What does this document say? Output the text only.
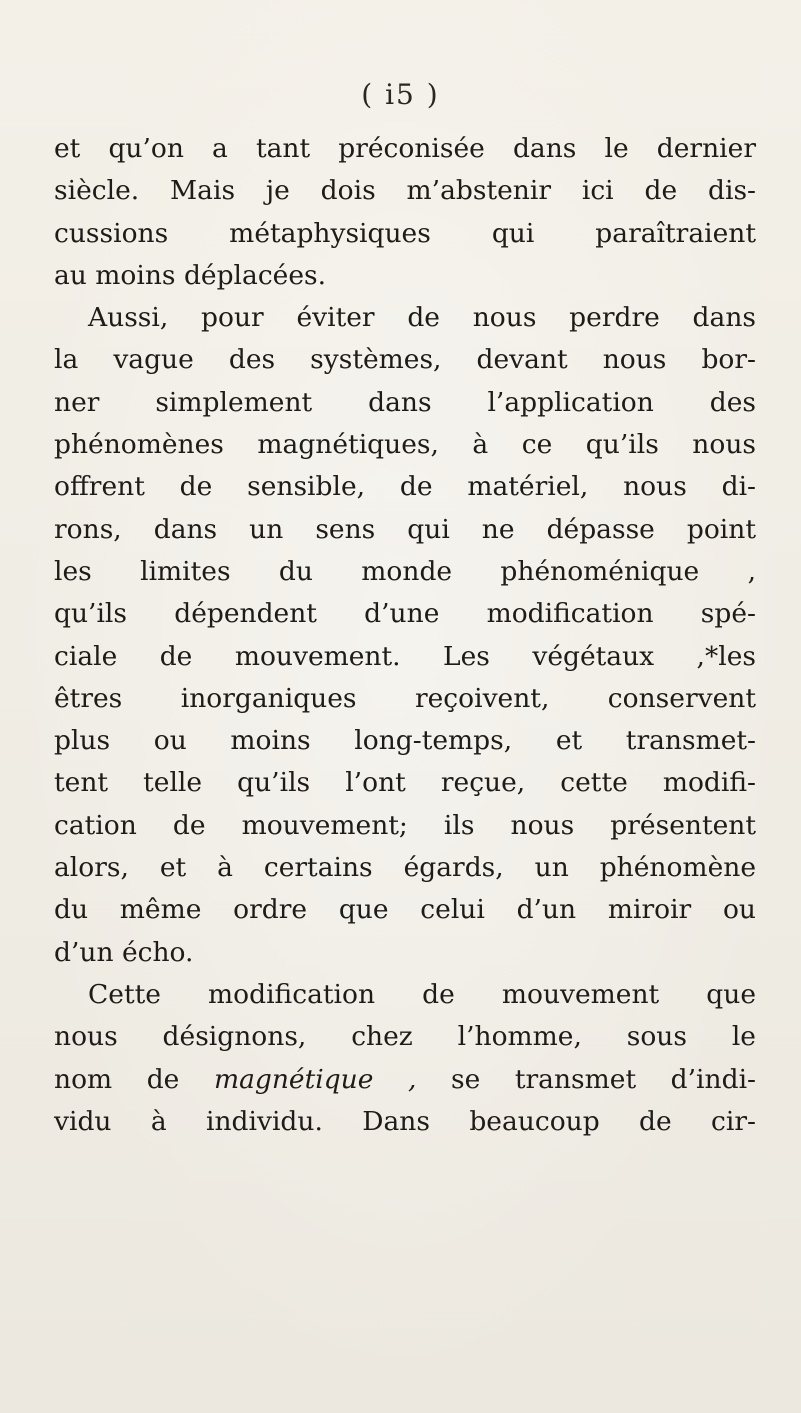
( i5 )
et qu’on a tant préconisée dans le dernier
siècle. Mais je dois m’abstenir ici de dis-
cussions métaphysiques qui paraîtraient
au moins déplacées.
Aussi, pour éviter de nous perdre dans
la vague des systèmes, devant nous bor-
ner simplement dans l’application des
phénomènes magnétiques, à ce qu’ils nous
offrent de sensible, de matériel, nous di-
rons, dans un sens qui ne dépasse point
les limites du monde phénoménique ,
qu’ils dépendent d’une modification spé-
ciale de mouvement. Les végétaux ,*les
êtres inorganiques reçoivent, conservent
plus ou moins long-temps, et transmet-
tent telle qu’ils l’ont reçue, cette modifi-
cation de mouvement; ils nous présentent
alors, et à certains égards, un phénomène
du même ordre que celui d’un miroir ou
d’un écho.
Cette modification de mouvement que
nous désignons, chez l’homme, sous le
nom de magnétique , se transmet d’indi-
vidu à individu. Dans beaucoup de cir-
